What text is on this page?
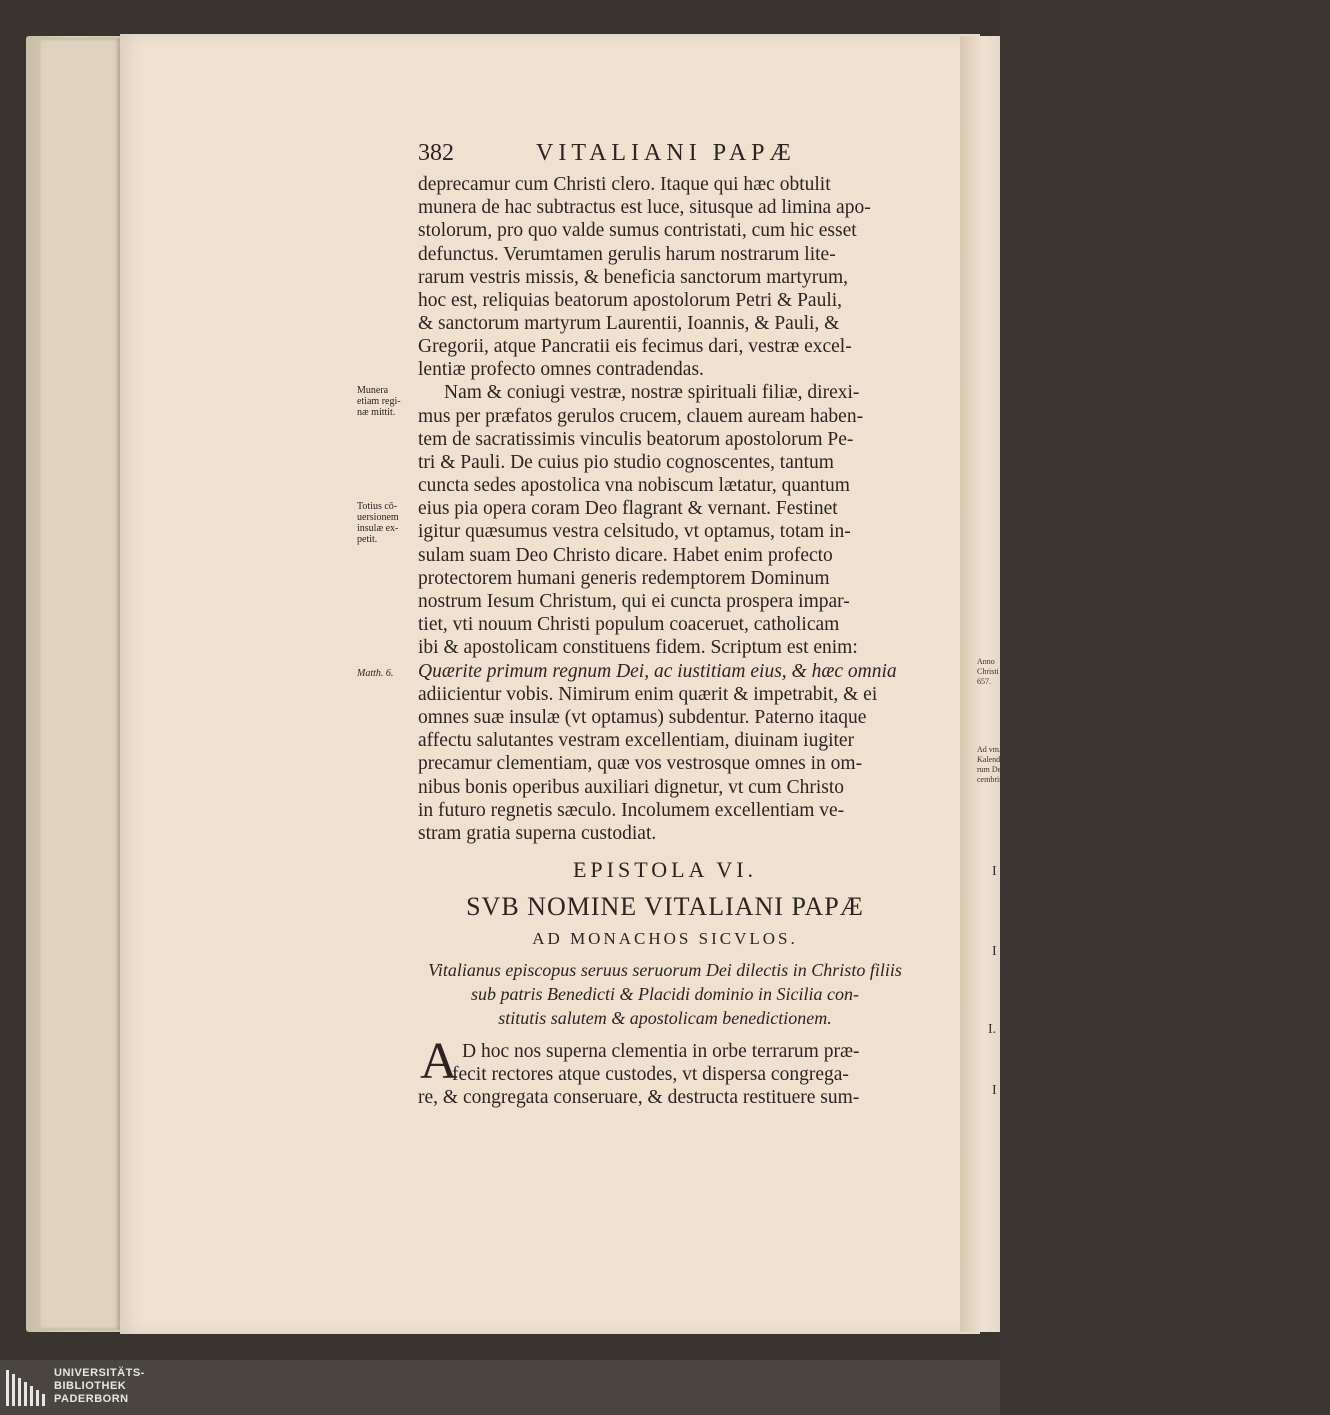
382	VITALIANI PAPÆ

deprecamur cum Christi clero. Itaque qui hæc obtulit

munera de hac subtractus est luce, situsque ad limina apo-

stolorum, pro quo valde sumus contristati, cum hic esset

defunctus. Verumtamen gerulis harum nostrarum lite-

rarum vestris missis, & beneficia sanctorum martyrum,

hoc est, reliquias beatorum apostolorum Petri & Pauli,

& sanctorum martyrum Laurentii, Ioannis, & Pauli, &

Gregorii, atque Pancratii eis fecimus dari, vestræ excel-

lentiæ profecto omnes contradendas.

Nam & coniugi vestræ, nostræ spirituali filiæ, direxi-

mus per præfatos gerulos crucem, clauem auream haben-

tem de sacratissimis vinculis beatorum apostolorum Pe-

tri & Pauli. De cuius pio studio cognoscentes, tantum

cuncta sedes apostolica vna nobiscum lætatur, quantum

eius pia opera coram Deo flagrant & vernant. Festinet

igitur quæsumus vestra celsitudo, vt optamus, totam in-

sulam suam Deo Christo dicare. Habet enim profecto

protectorem humani generis redemptorem Dominum

nostrum Iesum Christum, qui ei cuncta prospera impar-

tiet, vti nouum Christi populum coaceruet, catholicam

ibi & apostolicam constituens fidem. Scriptum est enim:

Quærite primum regnum Dei, ac iustitiam eius, & hæc omnia

adiicientur vobis. Nimirum enim quærit & impetrabit, & ei

omnes suæ insulæ (vt optamus) subdentur. Paterno itaque

affectu salutantes vestram excellentiam, diuinam iugiter

precamur clementiam, quæ vos vestrosque omnes in om-

nibus bonis operibus auxiliari dignetur, vt cum Christo

in futuro regnetis sæculo. Incolumem excellentiam ve-

stram gratia superna custodiat.

Munera

etiam regi-

næ mittit.

Totius cō-

uersionem

insulæ ex-

petit.

Matth. 6.

EPISTOLA VI.

SVB NOMINE VITALIANI PAPÆ

AD MONACHOS SICVLOS.

Vitalianus episcopus seruus seruorum Dei dilectis in Christo filiis

sub patris Benedicti & Placidi dominio in Sicilia con-

stitutis salutem & apostolicam benedictionem.

A D hoc nos superna clementia in orbe terrarum præ-

fecit rectores atque custodes, vt dispersa congrega-

re, & congregata conseruare, & destructa restituere sum-

Anno

Christi

657.

Ad vm.

Kalenda-

rum De-

cembris.

I

I

I.

I

UNIVERSITÄTS-

BIBLIOTHEK

PADERBORN
